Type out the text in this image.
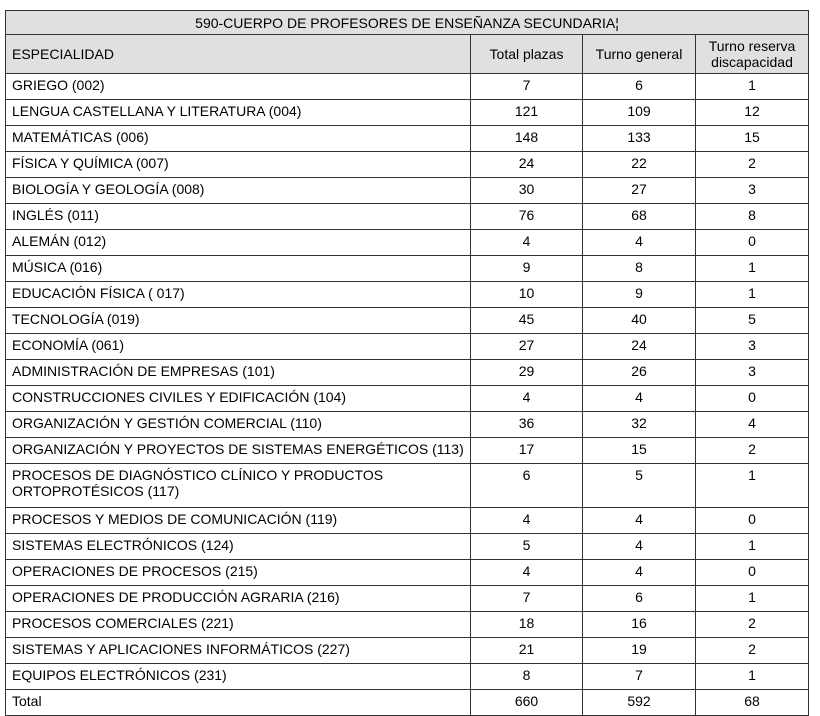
590-CUERPO DE PROFESORES DE ENSEÑANZA SECUNDARIA¦			
ESPECIALIDAD	Total plazas	Turno general	Turno reserva discapacidad
GRIEGO (002)	7	6	1
LENGUA CASTELLANA Y LITERATURA (004)	121	109	12
MATEMÁTICAS (006)	148	133	15
FÍSICA Y QUÍMICA (007)	24	22	2
BIOLOGÍA Y GEOLOGÍA (008)	30	27	3
INGLÉS (011)	76	68	8
ALEMÁN (012)	4	4	0
MÚSICA (016)	9	8	1
EDUCACIÓN FÍSICA ( 017)	10	9	1
TECNOLOGÍA (019)	45	40	5
ECONOMÍA (061)	27	24	3
ADMINISTRACIÓN DE EMPRESAS (101)	29	26	3
CONSTRUCCIONES CIVILES Y EDIFICACIÓN (104)	4	4	0
ORGANIZACIÓN Y GESTIÓN COMERCIAL (110)	36	32	4
ORGANIZACIÓN Y PROYECTOS DE SISTEMAS ENERGÉTICOS (113)	17	15	2
PROCESOS DE DIAGNÓSTICO CLÍNICO Y PRODUCTOS ORTOPROTÉSICOS (117)	6	5	1
PROCESOS Y MEDIOS DE COMUNICACIÓN (119)	4	4	0
SISTEMAS ELECTRÓNICOS (124)	5	4	1
OPERACIONES DE PROCESOS (215)	4	4	0
OPERACIONES DE PRODUCCIÓN AGRARIA (216)	7	6	1
PROCESOS COMERCIALES (221)	18	16	2
SISTEMAS Y APLICACIONES INFORMÁTICOS (227)	21	19	2
EQUIPOS ELECTRÓNICOS (231)	8	7	1
Total	660	592	68
